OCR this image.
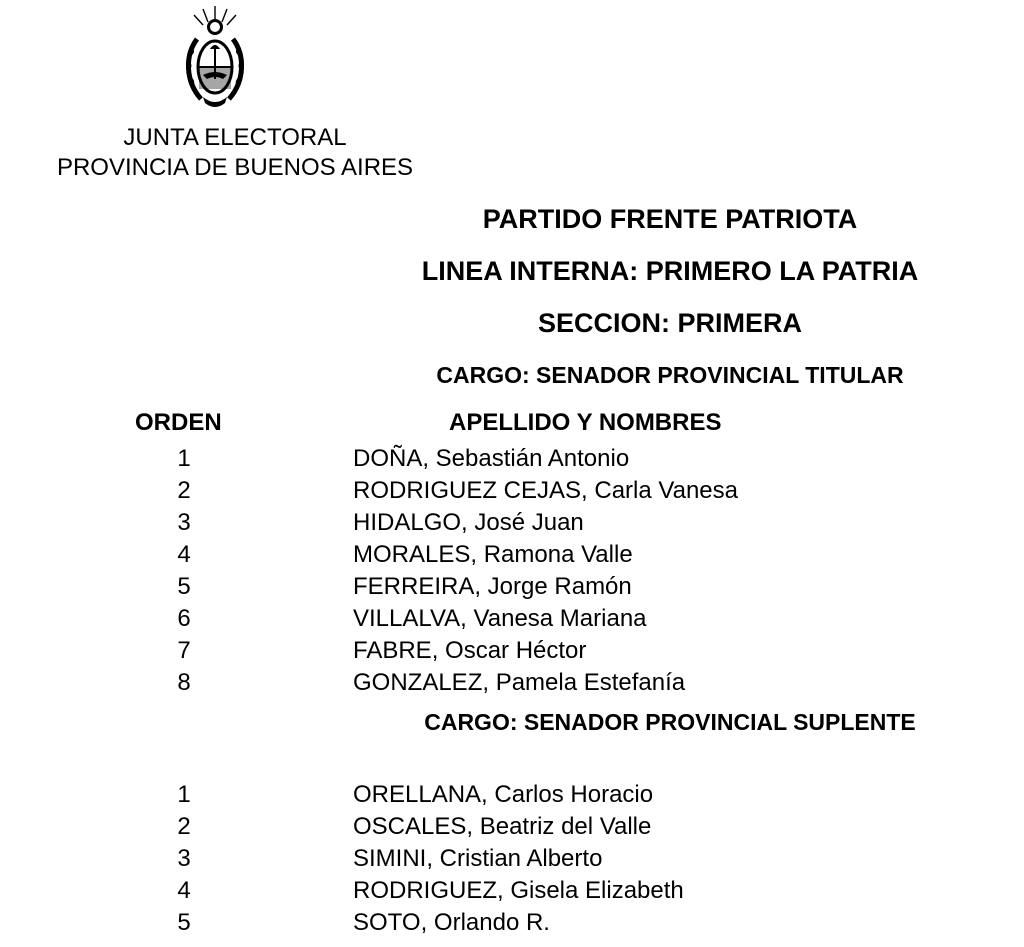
JUNTA ELECTORAL
PROVINCIA DE BUENOS AIRES
PARTIDO FRENTE PATRIOTA
LINEA INTERNA: PRIMERO LA PATRIA
SECCION: PRIMERA
CARGO: SENADOR PROVINCIAL TITULAR
ORDEN	APELLIDO Y NOMBRES
1	DOÑA, Sebastián Antonio
2	RODRIGUEZ CEJAS, Carla Vanesa
3	HIDALGO, José Juan
4	MORALES, Ramona Valle
5	FERREIRA, Jorge Ramón
6	VILLALVA, Vanesa Mariana
7	FABRE, Oscar Héctor
8	GONZALEZ, Pamela Estefanía
CARGO: SENADOR PROVINCIAL SUPLENTE
1	ORELLANA, Carlos Horacio
2	OSCALES, Beatriz del Valle
3	SIMINI, Cristian Alberto
4	RODRIGUEZ, Gisela Elizabeth
5	SOTO, Orlando R.
